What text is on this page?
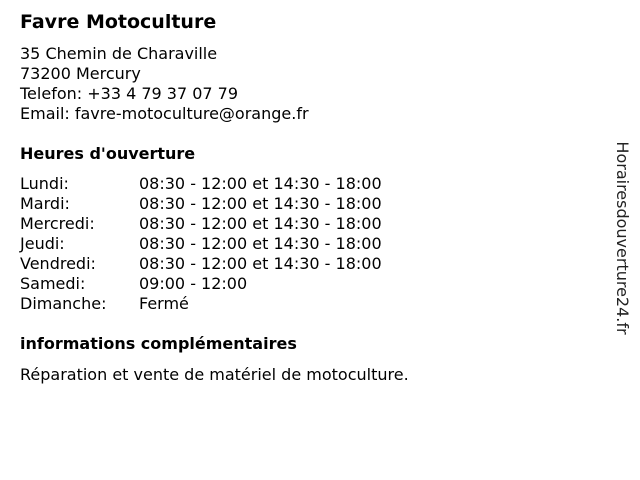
Favre Motoculture
35 Chemin de Charaville
73200 Mercury
Telefon: +33 4 79 37 07 79
Email: favre-motoculture@orange.fr
Heures d'ouverture
Lundi:	08:30 - 12:00 et 14:30 - 18:00
Mardi:	08:30 - 12:00 et 14:30 - 18:00
Mercredi:	08:30 - 12:00 et 14:30 - 18:00
Jeudi:	08:30 - 12:00 et 14:30 - 18:00
Vendredi:	08:30 - 12:00 et 14:30 - 18:00
Samedi:	09:00 - 12:00
Dimanche: Fermé
informations complémentaires
Réparation et vente de matériel de motoculture.
Horairesdouverture24.fr
